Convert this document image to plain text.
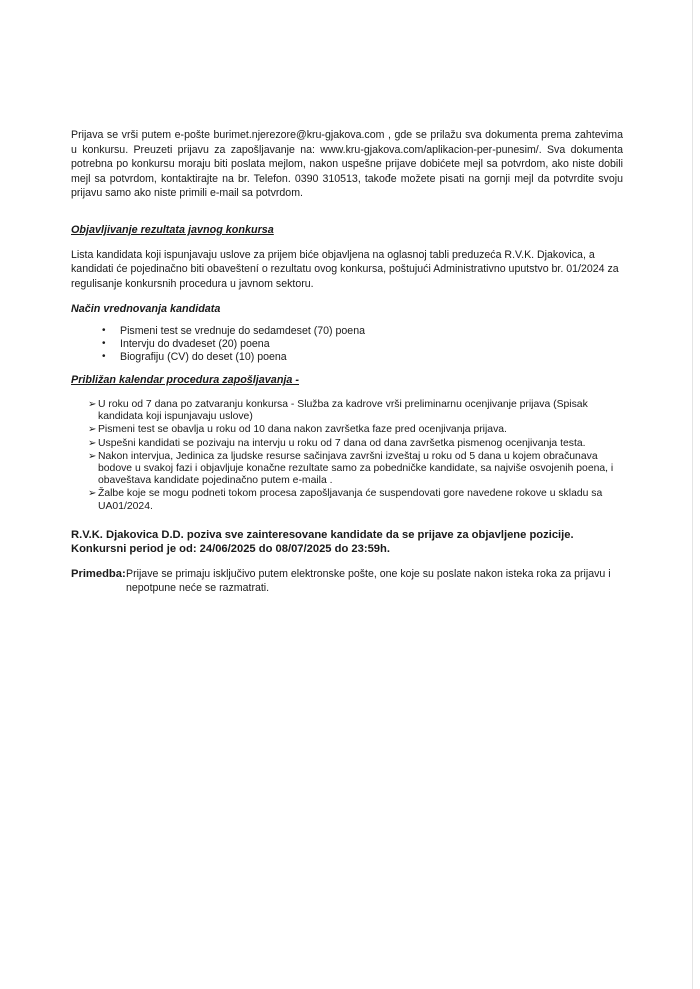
Prijava se vrši putem e-pošte burimet.njerezore@kru-gjakova.com , gde se prilažu sva dokumenta prema zahtevima u konkursu. Preuzeti prijavu za zapošljavanje na: www.kru-gjakova.com/aplikacion-per-punesim/. Sva dokumenta potrebna po konkursu moraju biti poslata mejlom, nakon uspešne prijave dobićete mejl sa potvrdom, ako niste dobili mejl sa potvrdom, kontaktirajte na br. Telefon. 0390 310513, takođe možete pisati na gornji mejl da potvrdite svoju prijavu samo ako niste primili e-mail sa potvrdom.

Objavljivanje rezultata javnog konkursa

Lista kandidata koji ispunjavaju uslove za prijem biće objavljena na oglasnoj tabli preduzeća R.V.K. Djakovica, a kandidati će pojedinačno biti obaveštení o rezultatu ovog konkursa, poštujući Administrativno uputstvo br. 01/2024 za regulisanje konkursnih procedura u javnom sektoru.

Način vrednovanja kandidata

• Pismeni test se vrednuje do sedamdeset (70) poena
• Intervju do dvadeset (20) poena
• Biografiju (CV) do deset (10) poena

Približan kalendar procedura zapošljavanja -

➢ U roku od 7 dana po zatvaranju konkursa - Služba za kadrove vrši preliminarnu ocenjivanje prijava (Spisak kandidata koji ispunjavaju uslove)
➢ Pismeni test se obavlja u roku od 10 dana nakon završetka faze pred ocenjivanja prijava.
➢ Uspešni kandidati se pozivaju na intervju u roku od 7 dana od dana završetka pismenog ocenjivanja testa.
➢ Nakon intervjua, Jedinica za ljudske resurse sačinjava završni izveštaj u roku od 5 dana u kojem obračunava bodove u svakoj fazi i objavljuje konačne rezultate samo za pobedničke kandidate, sa najviše osvojenih poena, i obaveštava kandidate pojedinačno putem e-maila .
➢ Žalbe koje se mogu podneti tokom procesa zapošljavanja će suspendovati gore navedene rokove u skladu sa UA01/2024.

R.V.K. Djakovica D.D. poziva sve zainteresovane kandidate da se prijave za objavljene pozicije.

Konkursni period je od: 24/06/2025 do 08/07/2025 do 23:59h.

Primedba: Prijave se primaju isključivo putem elektronske pošte, one koje su poslate nakon isteka roka za prijavu i nepotpune neće se razmatrati.
